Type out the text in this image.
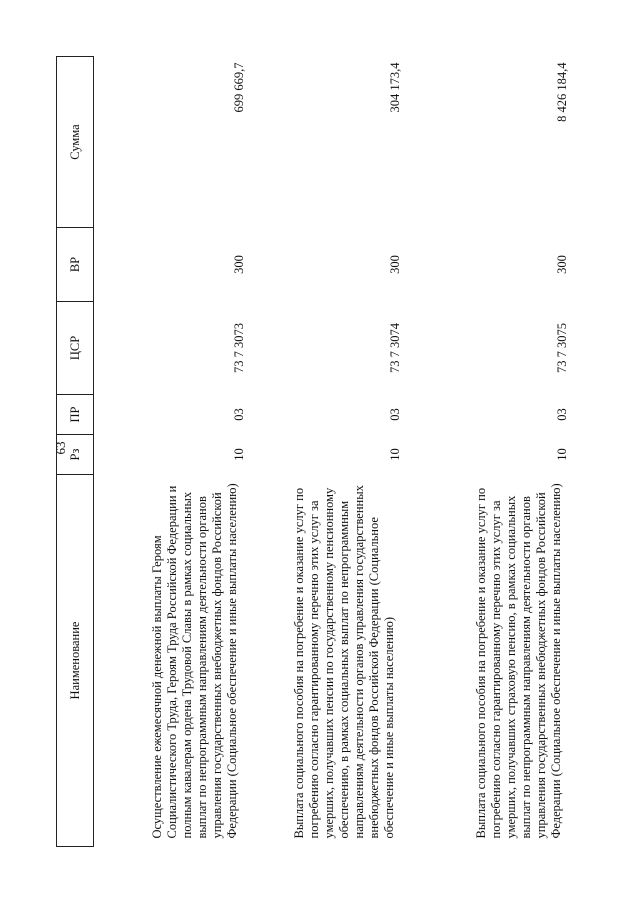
63
Наименование	Рз	ПР	ЦСР	ВР	Сумма
Осуществление ежемесячной денежной выплаты Героям Социалистического Труда, Героям Труда Российской Федерации и полным кавалерам ордена Трудовой Славы в рамках социальных выплат по непрограммным направлениям деятельности органов управления государственных внебюджетных фондов Российской Федерации (Социальное обеспечение и иные выплаты населению)	10	03	73 7 3073	300	699 669,7
Выплата социального пособия на погребение и оказание услуг по погребению согласно гарантированному перечню этих услуг за умерших, получавших пенсии по государственному пенсионному обеспечению, в рамках социальных выплат по непрограммным направлениям деятельности органов управления государственных внебюджетных фондов Российской Федерации (Социальное обеспечение и иные выплаты населению)	10	03	73 7 3074	300	304 173,4
Выплата социального пособия на погребение и оказание услуг по погребению согласно гарантированному перечню этих услуг за умерших, получавших страховую пенсию, в рамках социальных выплат по непрограммным направлениям деятельности органов управления государственных внебюджетных фондов Российской Федерации (Социальное обеспечение и иные выплаты населению)	10	03	73 7 3075	300	8 426 184,4
